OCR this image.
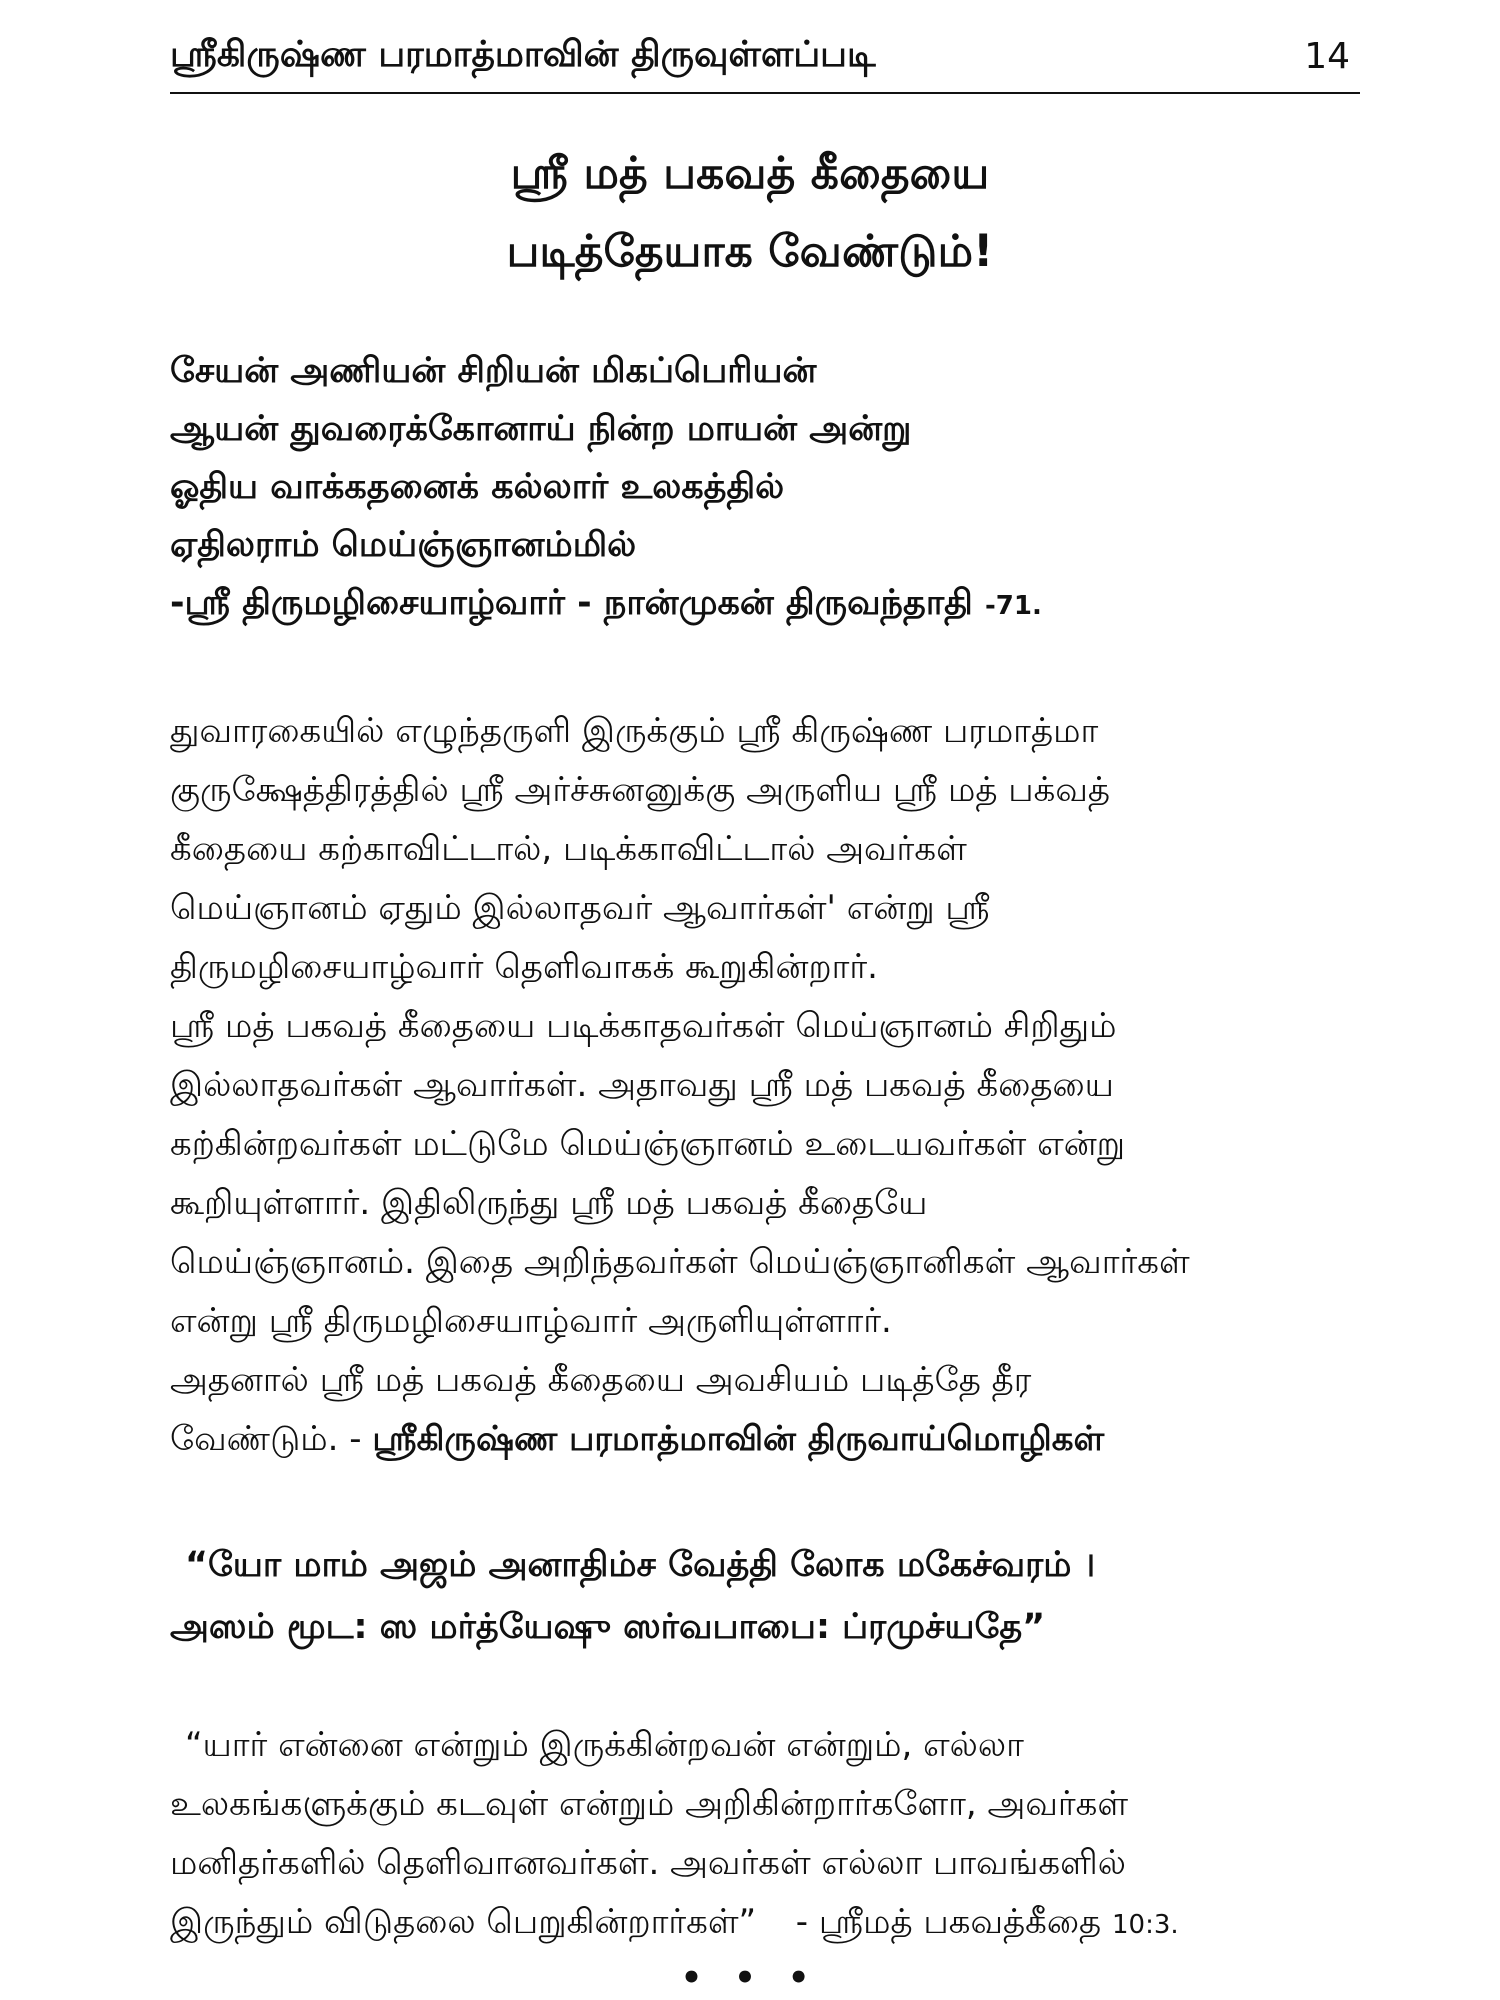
ஸ்ரீகிருஷ்ண பரமாத்மாவின் திருவுள்ளப்படி	14
ஸ்ரீ மத் பகவத் கீதையை
படித்தேயாக வேண்டும்!
சேயன் அணியன் சிறியன் மிகப்பெரியன்
ஆயன் துவரைக்கோனாய் நின்ற மாயன் அன்று
ஓதிய வாக்கதனைக் கல்லார் உலகத்தில்
ஏதிலராம் மெய்ஞ்ஞானம்மில்
-ஸ்ரீ திருமழிசையாழ்வார் - நான்முகன் திருவந்தாதி -71.
துவாரகையில் எழுந்தருளி இருக்கும் ஸ்ரீ கிருஷ்ண பரமாத்மா
குருக்ஷேத்திரத்தில் ஸ்ரீ அர்ச்சுனனுக்கு அருளிய ஸ்ரீ மத் பக்வத்
கீதையை கற்காவிட்டால், படிக்காவிட்டால் அவர்கள்
மெய்ஞானம் ஏதும் இல்லாதவர் ஆவார்கள்' என்று ஸ்ரீ
திருமழிசையாழ்வார் தெளிவாகக் கூறுகின்றார்.
ஸ்ரீ மத் பகவத் கீதையை படிக்காதவர்கள் மெய்ஞானம் சிறிதும்
இல்லாதவர்கள் ஆவார்கள். அதாவது ஸ்ரீ மத் பகவத் கீதையை
கற்கின்றவர்கள் மட்டுமே மெய்ஞ்ஞானம் உடையவர்கள் என்று
கூறியுள்ளார். இதிலிருந்து ஸ்ரீ மத் பகவத் கீதையே
மெய்ஞ்ஞானம். இதை அறிந்தவர்கள் மெய்ஞ்ஞானிகள் ஆவார்கள்
என்று ஸ்ரீ திருமழிசையாழ்வார் அருளியுள்ளார்.
அதனால் ஸ்ரீ மத் பகவத் கீதையை அவசியம் படித்தே தீர
வேண்டும். - ஸ்ரீகிருஷ்ண பரமாத்மாவின் திருவாய்மொழிகள்
“யோ மாம் அஜம் அனாதிம்ச வேத்தி லோக மகேச்வரம் ।
அஸம் மூட: ஸ மர்த்யேஷு ஸர்வபாபை: ப்ரமுச்யதே”
“யார் என்னை என்றும் இருக்கின்றவன் என்றும், எல்லா
உலகங்களுக்கும் கடவுள் என்றும் அறிகின்றார்களோ, அவர்கள்
மனிதர்களில் தெளிவானவர்கள். அவர்கள் எல்லா பாவங்களில்
இருந்தும் விடுதலை பெறுகின்றார்கள்” - ஸ்ரீமத் பகவத்கீதை 10:3.
• • •
